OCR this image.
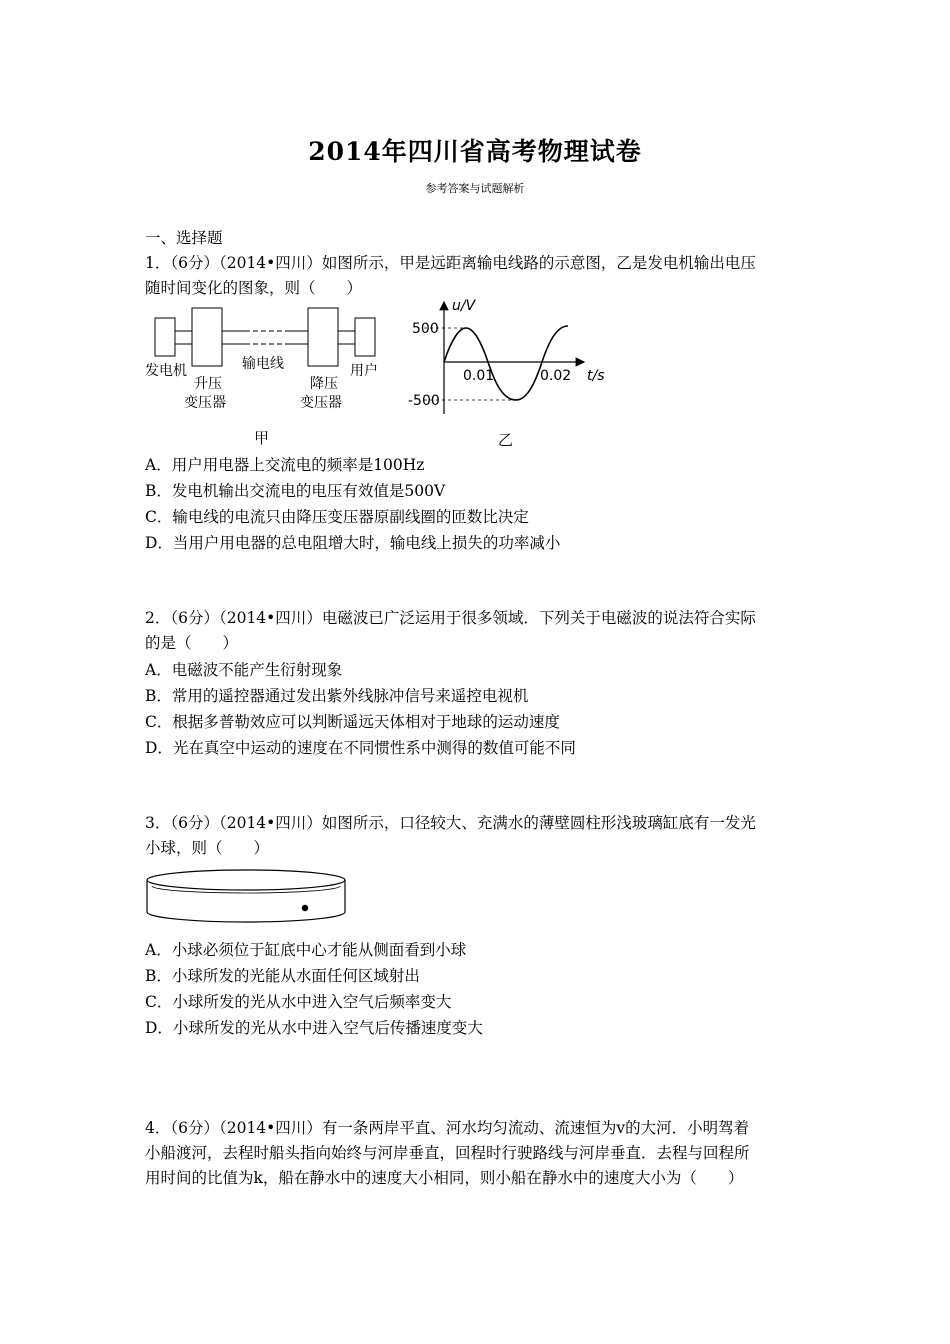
2014年四川省高考物理试卷
参考答案与试题解析
一、选择题
1．（6分）（2014•四川）如图所示，甲是远距离输电线路的示意图，乙是发电机输出电压
随时间变化的图象，则（　　）
发电机
升压
变压器
输电线
降压
变压器
用户
甲
u/V
t/s
500
-500
0.01	0.02
乙
A．用户用电器上交流电的频率是100Hz
B．发电机输出交流电的电压有效值是500V
C．输电线的电流只由降压变压器原副线圈的匝数比决定
D．当用户用电器的总电阻增大时，输电线上损失的功率减小
2．（6分）（2014•四川）电磁波已广泛运用于很多领域．下列关于电磁波的说法符合实际
的是（　　）
A．电磁波不能产生衍射现象
B．常用的遥控器通过发出紫外线脉冲信号来遥控电视机
C．根据多普勒效应可以判断遥远天体相对于地球的运动速度
D．光在真空中运动的速度在不同惯性系中测得的数值可能不同
3．（6分）（2014•四川）如图所示，口径较大、充满水的薄壁圆柱形浅玻璃缸底有一发光
小球，则（　　）
A．小球必须位于缸底中心才能从侧面看到小球
B．小球所发的光能从水面任何区域射出
C．小球所发的光从水中进入空气后频率变大
D．小球所发的光从水中进入空气后传播速度变大
4．（6分）（2014•四川）有一条两岸平直、河水均匀流动、流速恒为v的大河．小明驾着
小船渡河，去程时船头指向始终与河岸垂直，回程时行驶路线与河岸垂直．去程与回程所
用时间的比值为k，船在静水中的速度大小相同，则小船在静水中的速度大小为（　　）
